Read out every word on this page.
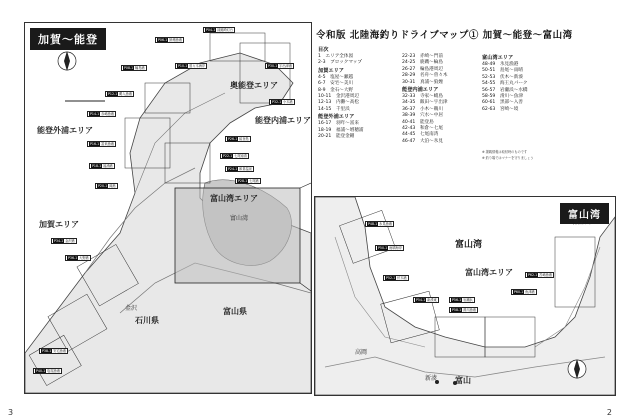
奥能登エリア
能登外浦エリア
能登内浦エリア
加賀エリア
富山湾エリア
富山湾
石川県
富山県
金沢
P04-1 禄剛埼灯台
P06-1 狼煙漁港
P08-1 輪島港	P10-1 曽々木海岸
P12-1 鵜入漁港
P14-1 赤崎漁港
P16-1 富来漁港
P18-1 福浦港
P20-1 滝港
P22-1 七尾南湾
P24-1 和倉温泉
P26-1 能登島
P28-1 七尾港
P30-1 宇出津港
P32-1 小木港
P34-1 金沢港
P36-1 大野港
P38-1 安宅漁港
P40-1 塩屋漁港
加賀〜能登
3
令和版 北陸海釣りドライブマップ① 加賀〜能登〜富山湾
目次
1　エリア全体図
2-3　ブロックマップ
加賀エリア
4-5　塩屋〜瀬越
6-7　安宅〜美川
8-9　金石〜大野
10-11　金沢港周辺
12-13　内灘〜高松
14-15　千里浜
能登外浦エリア
16-17　羽咋〜富来
18-19　福浦〜増穂浦
20-21　能登金剛
22-23　赤崎〜門前
24-25　鹿磯〜輪島
26-27　輪島港周辺
28-29　名舟〜曽々木
30-31　真浦〜狼煙
能登内浦エリア
32-33　寺家〜蛸島
34-35　飯田〜宇出津
36-37　小木〜鵜川
38-39　穴水〜中居
40-41　能登島
42-43　和倉〜七尾
44-45　七尾南湾
46-47　大泊〜氷見
富山湾エリア
48-49　氷見漁港
50-51　島尾〜雨晴
52-53　伏木〜新湊
54-55　海王丸パーク
56-57　岩瀬浜〜水橋
58-59　滑川〜魚津
60-61　黒部〜入善
62-63　宮崎〜境
※ 掲載情報は取材時のものです
※ 釣り場ではマナーを守りましょう
富山湾
富山湾
富山湾エリア
新湊 富山
高岡
黒部川
P48-1 氷見漁港
P50-1 雨晴海岸
P52-1 伏木港
P54-1 新湊東	P56-1 岩瀬浜
P58-1 滑川漁港
P60-1 魚津港
P62-1 宮崎漁港
2
